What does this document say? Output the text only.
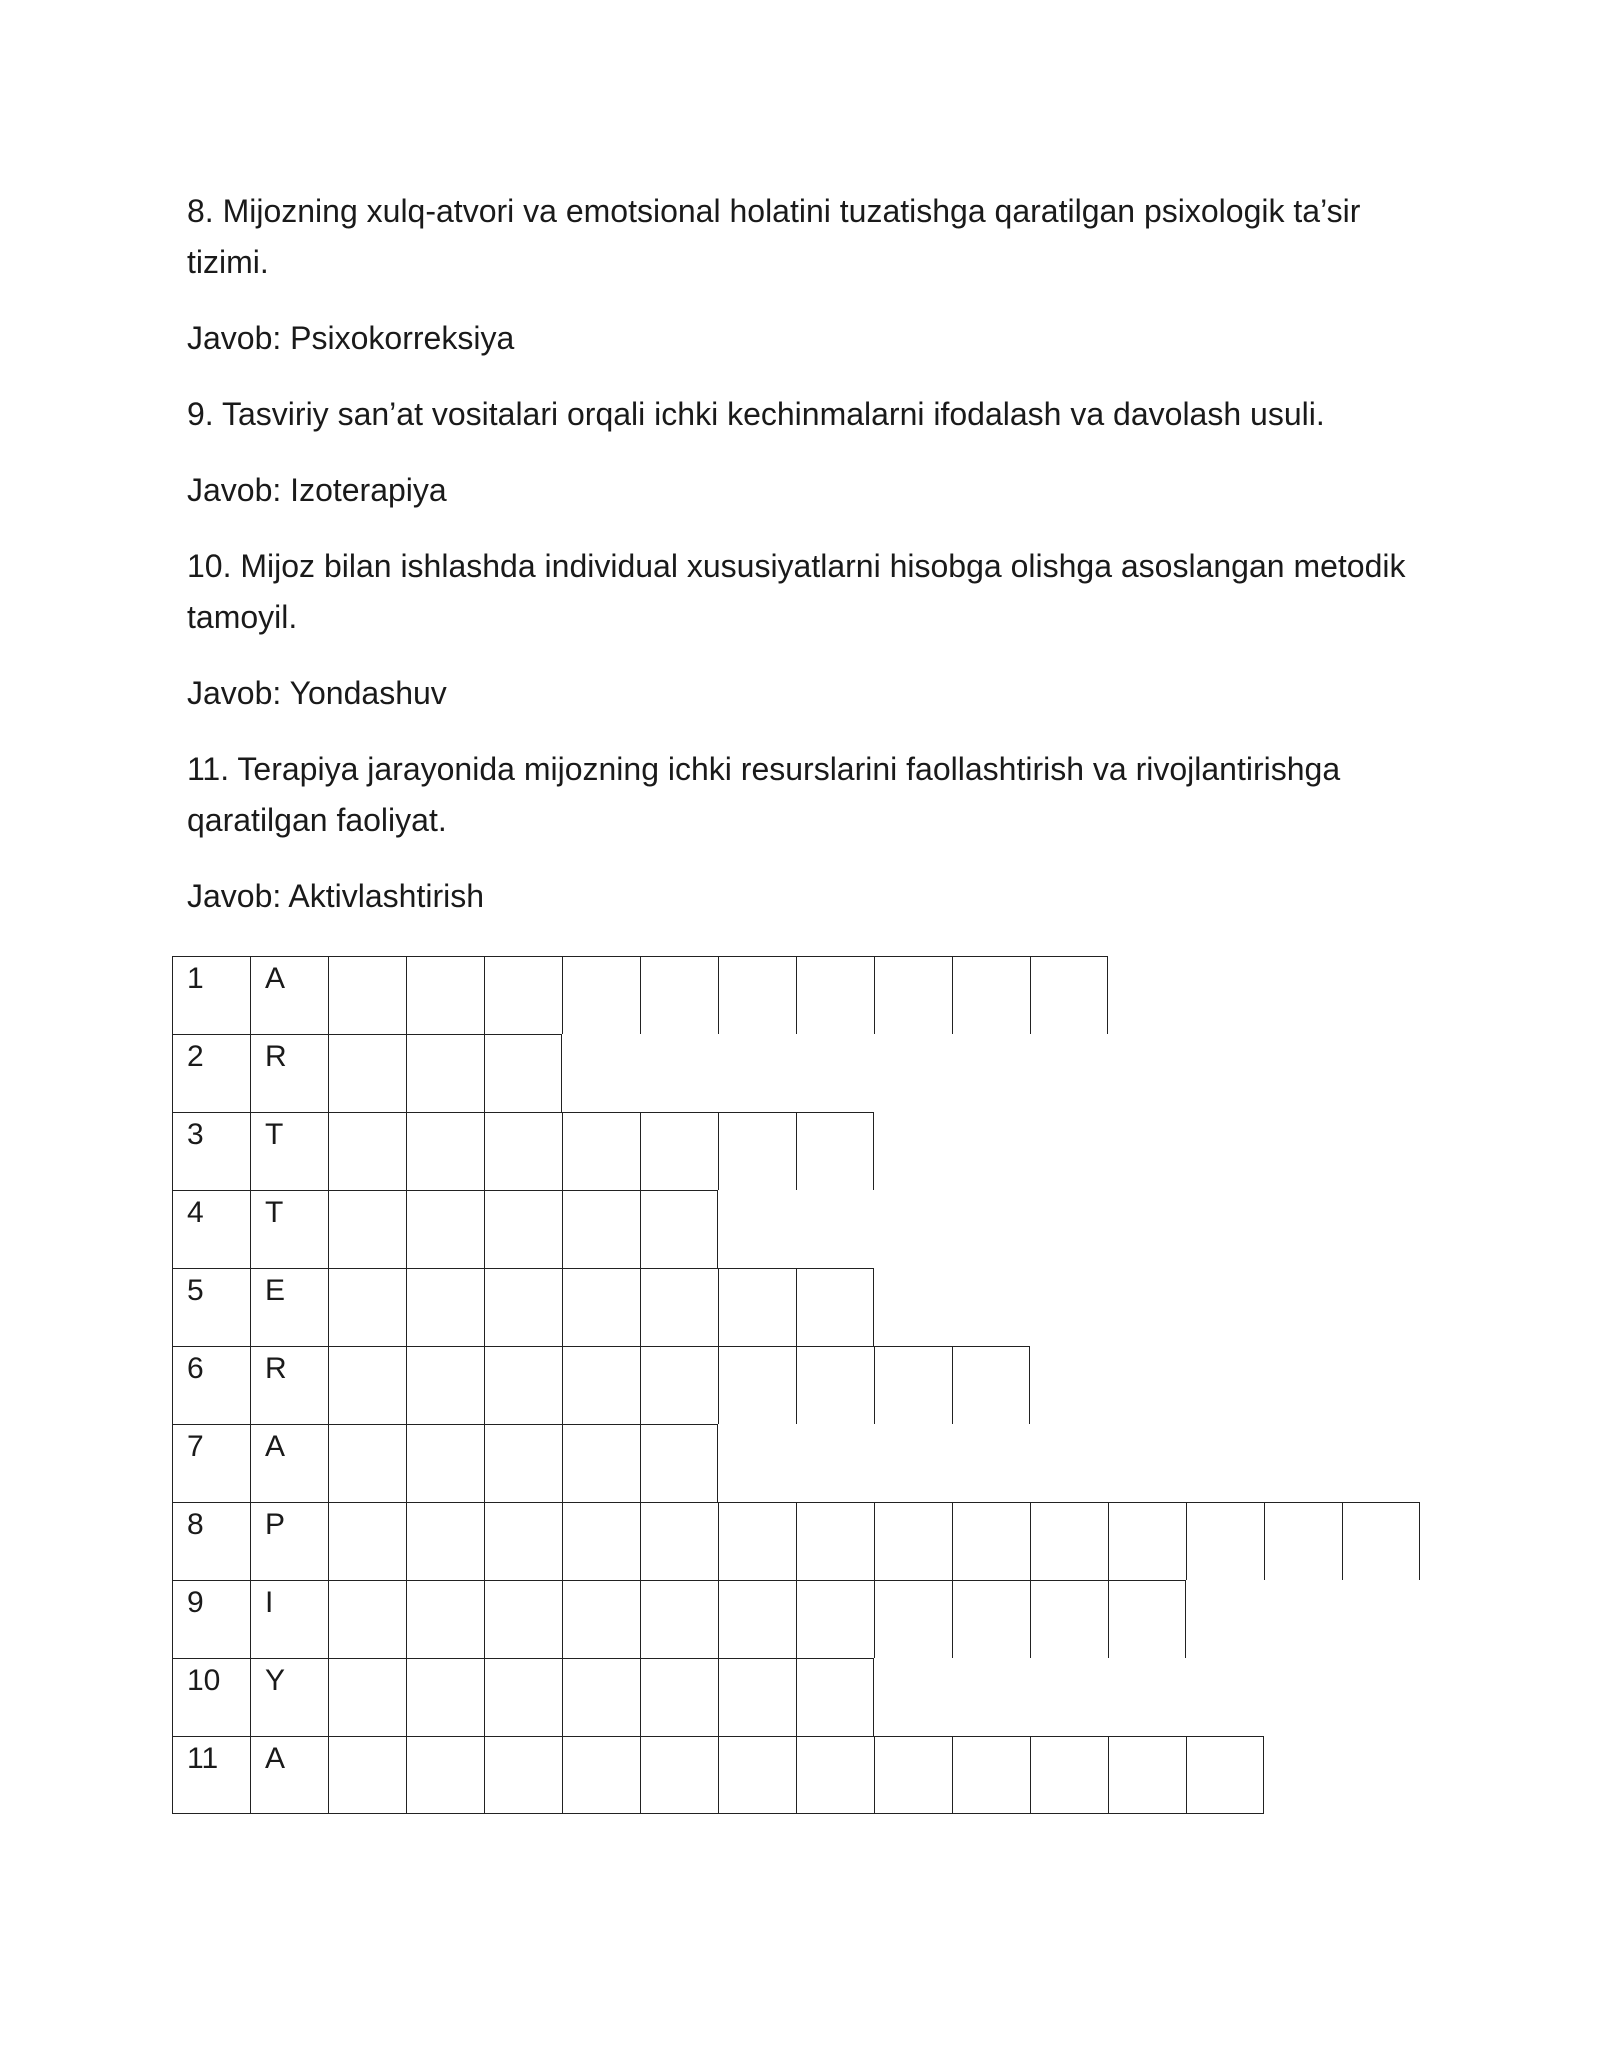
8. Mijozning xulq-atvori va emotsional holatini tuzatishga qaratilgan psixologik ta’sir tizimi.

Javob: Psixokorreksiya

9. Tasviriy san’at vositalari orqali ichki kechinmalarni ifodalash va davolash usuli.

Javob: Izoterapiya

10. Mijoz bilan ishlashda individual xususiyatlarni hisobga olishga asoslangan metodik tamoyil.

Javob: Yondashuv

11. Terapiya jarayonida mijozning ichki resurslarini faollashtirish va rivojlantirishga qaratilgan faoliyat.

Javob: Aktivlashtirish

1	A
2	R
3	T
4	T
5	E
6	R
7	A
8	P
9	I
10	Y
11	A
